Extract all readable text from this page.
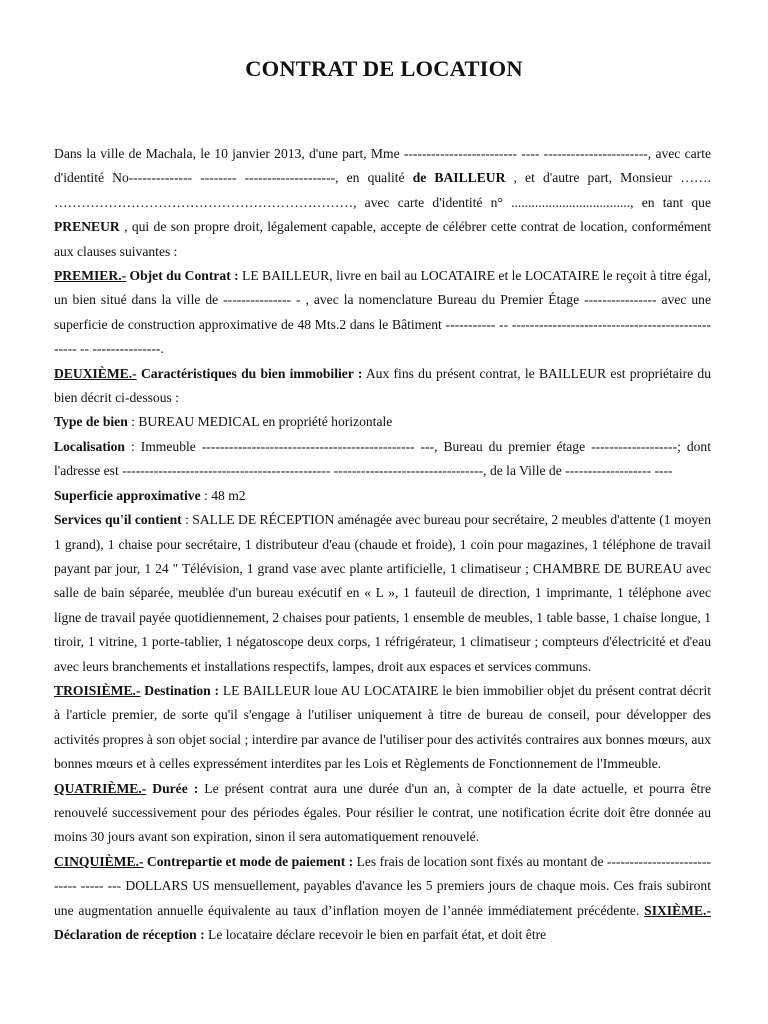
CONTRAT DE LOCATION

Dans la ville de Machala, le 10 janvier 2013, d'une part, Mme ------------------------- ---- -----------------------, avec carte d'identité No-------------- -------- --------------------, en qualité de BAILLEUR , et d'autre part, Monsieur ……. …………………………………………………………, avec carte d'identité n° ..................................., en tant que PRENEUR , qui de son propre droit, légalement capable, accepte de célébrer cette contrat de location, conformément aux clauses suivantes :

PREMIER.- Objet du Contrat : LE BAILLEUR, livre en bail au LOCATAIRE et le LOCATAIRE le reçoit à titre égal, un bien situé dans la ville de --------------- - , avec la nomenclature Bureau du Premier Étage ---------------- avec une superficie de construction approximative de 48 Mts.2 dans le Bâtiment ----------- -- ------------------------------------------------- -- ---------------.

DEUXIÈME.- Caractéristiques du bien immobilier : Aux fins du présent contrat, le BAILLEUR est propriétaire du bien décrit ci-dessous :

Type de bien : BUREAU MEDICAL en propriété horizontale

Localisation : Immeuble ----------------------------------------------- ---, Bureau du premier étage -------------------; dont l'adresse est ---------------------------------------------- ---------------------------------, de la Ville de ------------------- ----

Superficie approximative : 48 m2

Services qu'il contient : SALLE DE RÉCEPTION aménagée avec bureau pour secrétaire, 2 meubles d'attente (1 moyen 1 grand), 1 chaise pour secrétaire, 1 distributeur d'eau (chaude et froide), 1 coin pour magazines, 1 téléphone de travail payant par jour, 1 24 " Télévision, 1 grand vase avec plante artificielle, 1 climatiseur ; CHAMBRE DE BUREAU avec salle de bain séparée, meublée d'un bureau exécutif en « L », 1 fauteuil de direction, 1 imprimante, 1 téléphone avec ligne de travail payée quotidiennement, 2 chaises pour patients, 1 ensemble de meubles, 1 table basse, 1 chaise longue, 1 tiroir, 1 vitrine, 1 porte-tablier, 1 négatoscope deux corps, 1 réfrigérateur, 1 climatiseur ; compteurs d'électricité et d'eau avec leurs branchements et installations respectifs, lampes, droit aux espaces et services communs.

TROISIÈME.- Destination : LE BAILLEUR loue AU LOCATAIRE le bien immobilier objet du présent contrat décrit à l'article premier, de sorte qu'il s'engage à l'utiliser uniquement à titre de bureau de conseil, pour développer des activités propres à son objet social ; interdire par avance de l'utiliser pour des activités contraires aux bonnes mœurs, aux bonnes mœurs et à celles expressément interdites par les Lois et Règlements de Fonctionnement de l'Immeuble.

QUATRIÈME.- Durée : Le présent contrat aura une durée d'un an, à compter de la date actuelle, et pourra être renouvelé successivement pour des périodes égales. Pour résilier le contrat, une notification écrite doit être donnée au moins 30 jours avant son expiration, sinon il sera automatiquement renouvelé.

CINQUIÈME.- Contrepartie et mode de paiement : Les frais de location sont fixés au montant de ---------------------------- ----- --- DOLLARS US mensuellement, payables d'avance les 5 premiers jours de chaque mois. Ces frais subiront une augmentation annuelle équivalente au taux d’inflation moyen de l’année immédiatement précédente. SIXIÈME.- Déclaration de réception : Le locataire déclare recevoir le bien en parfait état, et doit être
